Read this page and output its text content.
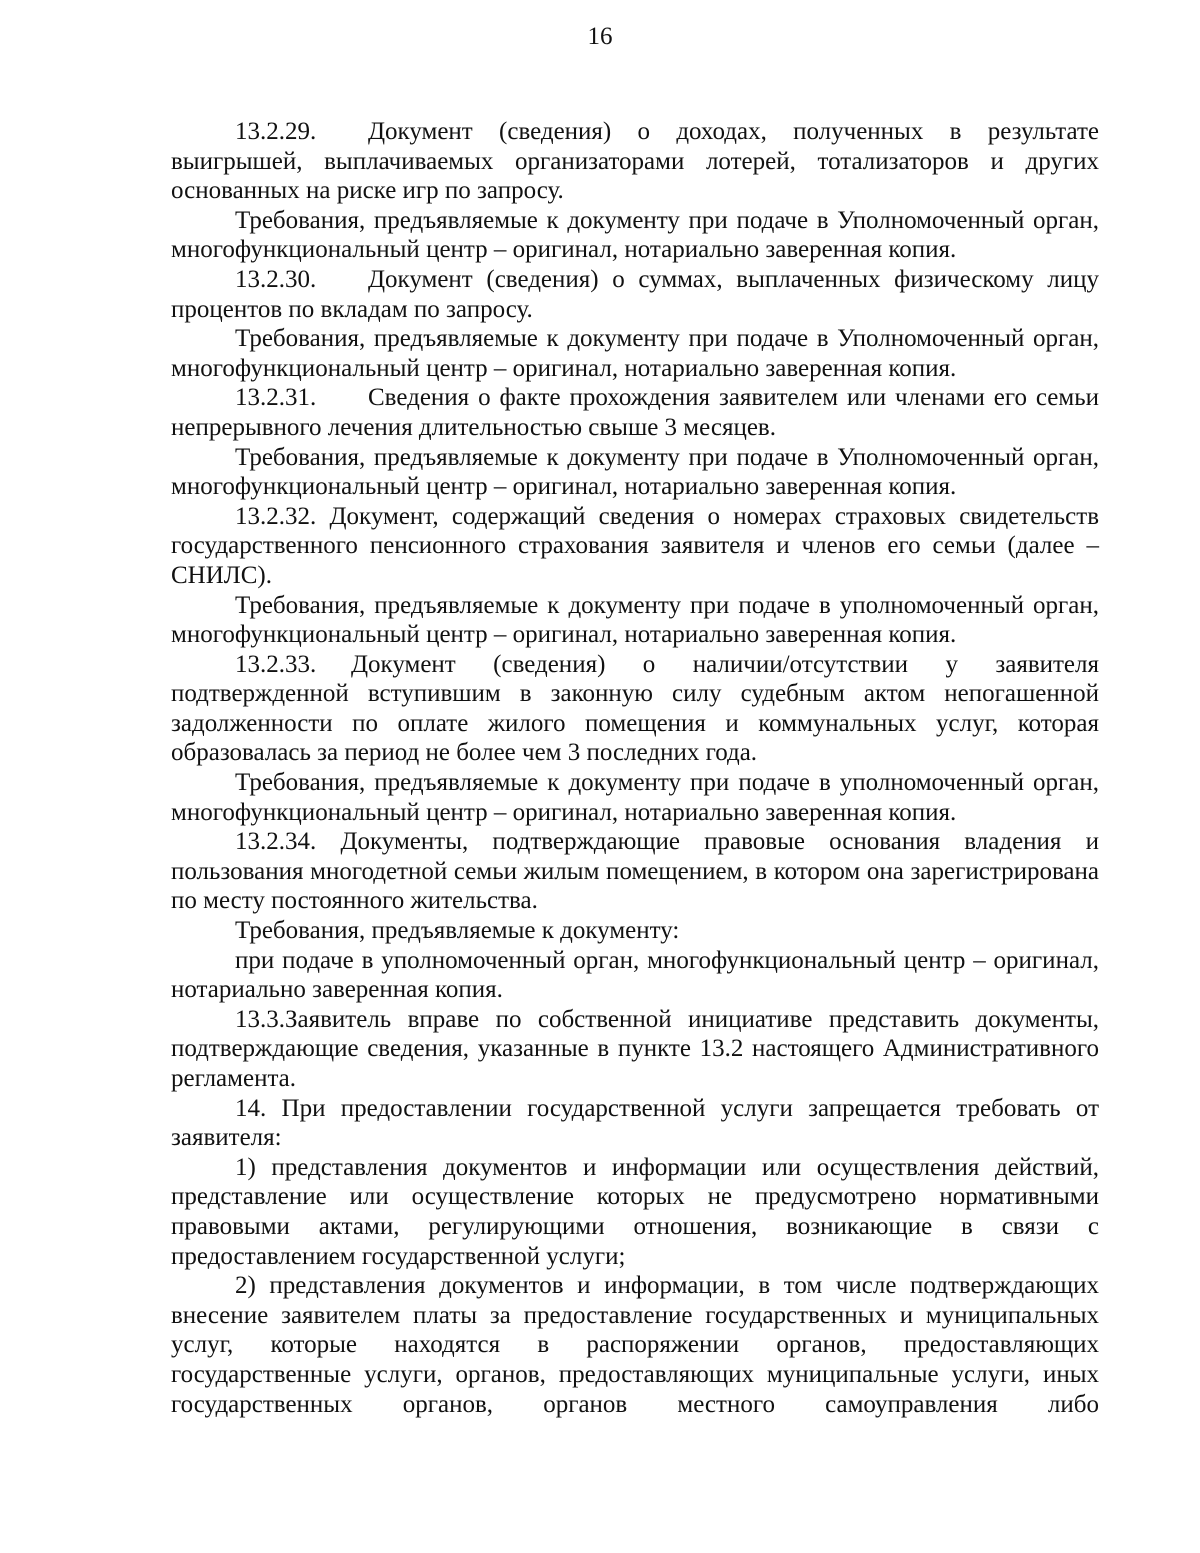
16

13.2.29. Документ (сведения) о доходах, полученных в результате выигрышей, выплачиваемых организаторами лотерей, тотализаторов и других основанных на риске игр по запросу.

Требования, предъявляемые к документу при подаче в Уполномоченный орган, многофункциональный центр – оригинал, нотариально заверенная копия.

13.2.30. Документ (сведения) о суммах, выплаченных физическому лицу процентов по вкладам по запросу.

Требования, предъявляемые к документу при подаче в Уполномоченный орган, многофункциональный центр – оригинал, нотариально заверенная копия.

13.2.31. Сведения о факте прохождения заявителем или членами его семьи непрерывного лечения длительностью свыше 3 месяцев.

Требования, предъявляемые к документу при подаче в Уполномоченный орган, многофункциональный центр – оригинал, нотариально заверенная копия.

13.2.32. Документ, содержащий сведения о номерах страховых свидетельств государственного пенсионного страхования заявителя и членов его семьи (далее – СНИЛС).

Требования, предъявляемые к документу при подаче в уполномоченный орган, многофункциональный центр – оригинал, нотариально заверенная копия.

13.2.33. Документ (сведения) о наличии/отсутствии у заявителя подтвержденной вступившим в законную силу судебным актом непогашенной задолженности по оплате жилого помещения и коммунальных услуг, которая образовалась за период не более чем 3 последних года.

Требования, предъявляемые к документу при подаче в уполномоченный орган, многофункциональный центр – оригинал, нотариально заверенная копия.

13.2.34. Документы, подтверждающие правовые основания владения и пользования многодетной семьи жилым помещением, в котором она зарегистрирована по месту постоянного жительства.

Требования, предъявляемые к документу:

при подаче в уполномоченный орган, многофункциональный центр – оригинал, нотариально заверенная копия.

13.3.Заявитель вправе по собственной инициативе представить документы, подтверждающие сведения, указанные в пункте 13.2 настоящего Административного регламента.

14. При предоставлении государственной услуги запрещается требовать от заявителя:

1) представления документов и информации или осуществления действий, представление или осуществление которых не предусмотрено нормативными правовыми актами, регулирующими отношения, возникающие в связи с предоставлением государственной услуги;

2) представления документов и информации, в том числе подтверждающих внесение заявителем платы за предоставление государственных и муниципальных услуг, которые находятся в распоряжении органов, предоставляющих государственные услуги, органов, предоставляющих муниципальные услуги, иных государственных органов, органов местного самоуправления либо
